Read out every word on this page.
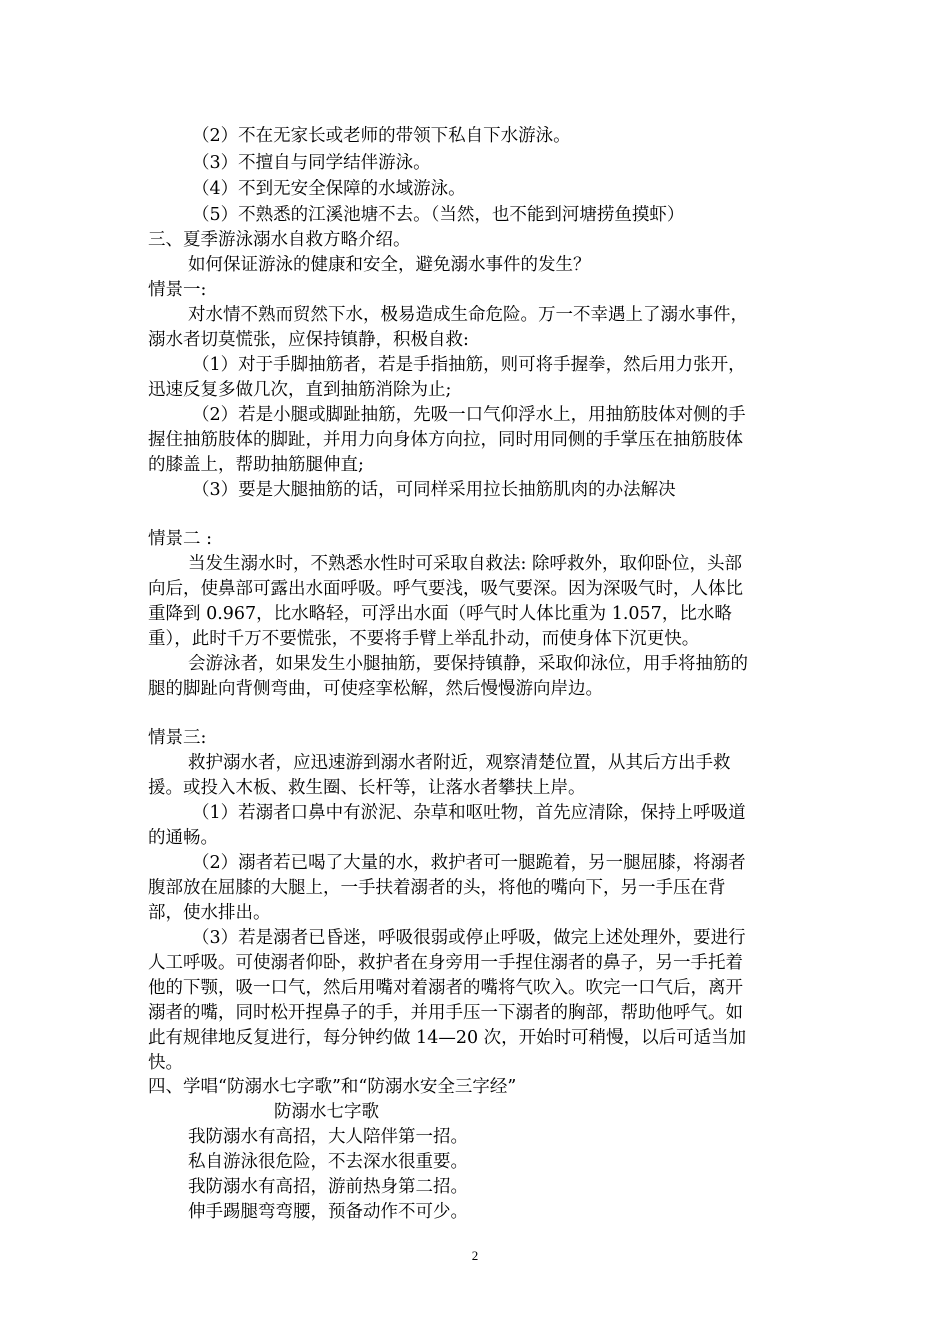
（2）不在无家长或老师的带领下私自下水游泳。
（3）不擅自与同学结伴游泳。
（4）不到无安全保障的水域游泳。
（5）不熟悉的江溪池塘不去。（当然，也不能到河塘捞鱼摸虾）
三、夏季游泳溺水自救方略介绍。
如何保证游泳的健康和安全，避免溺水事件的发生？
情景一:
对水情不熟而贸然下水，极易造成生命危险。万一不幸遇上了溺水事件，
溺水者切莫慌张，应保持镇静，积极自救:
（1）对于手脚抽筋者，若是手指抽筋，则可将手握拳，然后用力张开，
迅速反复多做几次，直到抽筋消除为止;
（2）若是小腿或脚趾抽筋，先吸一口气仰浮水上，用抽筋肢体对侧的手
握住抽筋肢体的脚趾，并用力向身体方向拉，同时用同侧的手掌压在抽筋肢体
的膝盖上，帮助抽筋腿伸直;
（3）要是大腿抽筋的话，可同样采用拉长抽筋肌肉的办法解决
情景二 :
当发生溺水时，不熟悉水性时可采取自救法: 除呼救外，取仰卧位，头部
向后，使鼻部可露出水面呼吸。呼气要浅，吸气要深。因为深吸气时，人体比
重降到 0.967，比水略轻，可浮出水面（呼气时人体比重为 1.057，比水略
重），此时千万不要慌张，不要将手臂上举乱扑动，而使身体下沉更快。
会游泳者，如果发生小腿抽筋，要保持镇静，采取仰泳位，用手将抽筋的
腿的脚趾向背侧弯曲，可使痉挛松解，然后慢慢游向岸边。
情景三:
救护溺水者，应迅速游到溺水者附近，观察清楚位置，从其后方出手救
援。或投入木板、救生圈、长杆等，让落水者攀扶上岸。
（1）若溺者口鼻中有淤泥、杂草和呕吐物，首先应清除，保持上呼吸道
的通畅。
（2）溺者若已喝了大量的水，救护者可一腿跪着，另一腿屈膝，将溺者
腹部放在屈膝的大腿上，一手扶着溺者的头，将他的嘴向下，另一手压在背
部，使水排出。
（3）若是溺者已昏迷，呼吸很弱或停止呼吸，做完上述处理外，要进行
人工呼吸。可使溺者仰卧，救护者在身旁用一手捏住溺者的鼻子，另一手托着
他的下颚，吸一口气，然后用嘴对着溺者的嘴将气吹入。吹完一口气后，离开
溺者的嘴，同时松开捏鼻子的手，并用手压一下溺者的胸部，帮助他呼气。如
此有规律地反复进行，每分钟约做 14—20 次，开始时可稍慢，以后可适当加
快。
四、学唱“防溺水七字歌”和“防溺水安全三字经”
防溺水七字歌
我防溺水有高招，大人陪伴第一招。
私自游泳很危险，不去深水很重要。
我防溺水有高招，游前热身第二招。
伸手踢腿弯弯腰，预备动作不可少。
2
